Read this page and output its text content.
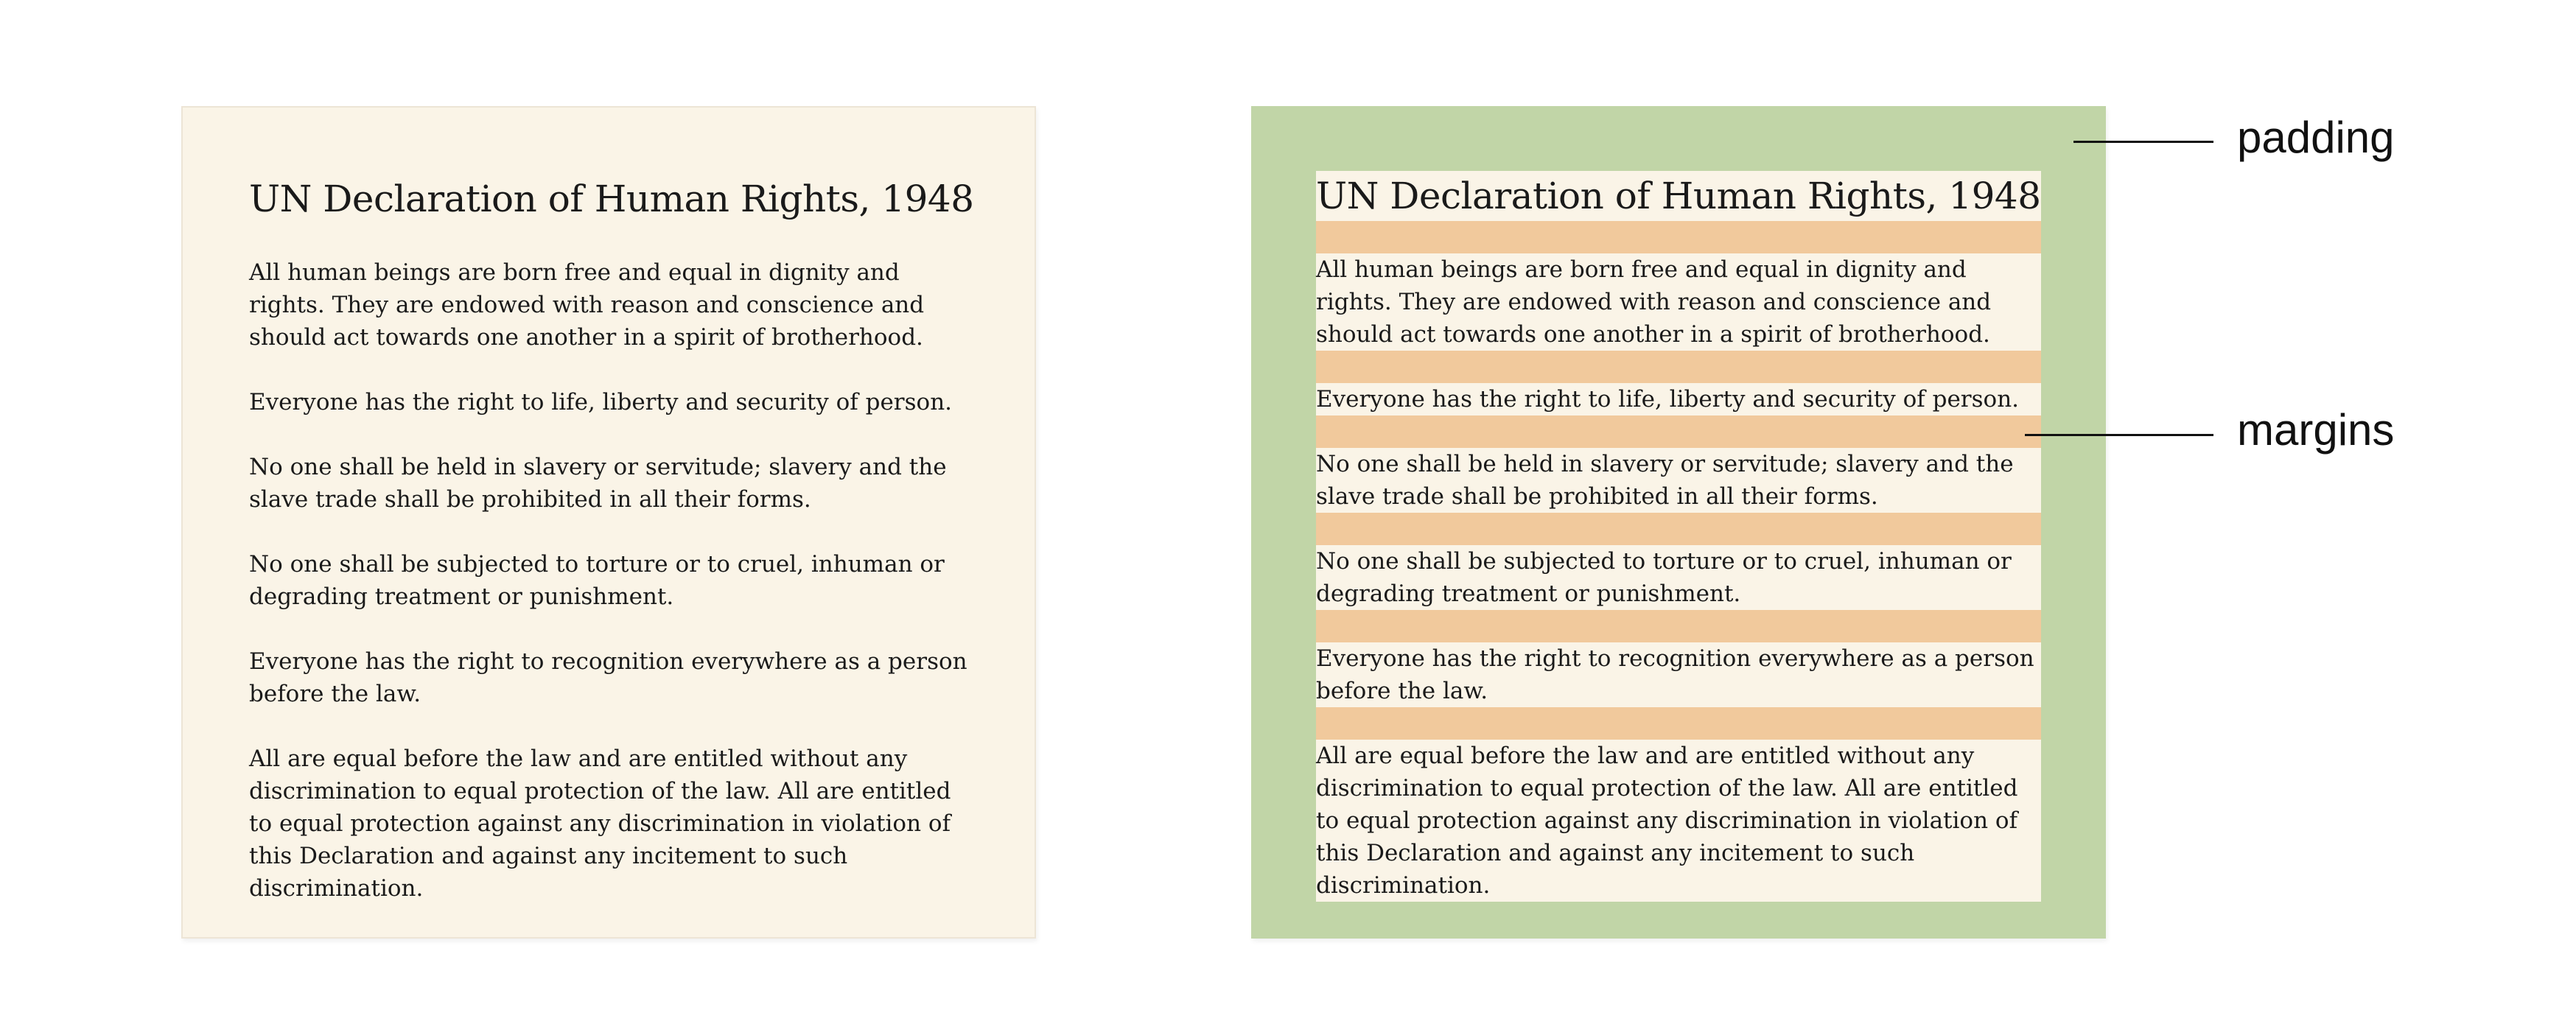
UN Declaration of Human Rights, 1948

All human beings are born free and equal in dignity and rights. They are endowed with reason and conscience and should act towards one another in a spirit of brotherhood.

Everyone has the right to life, liberty and security of person.

No one shall be held in slavery or servitude; slavery and the slave trade shall be prohibited in all their forms.

No one shall be subjected to torture or to cruel, inhuman or degrading treatment or punishment.

Everyone has the right to recognition everywhere as a person before the law.

All are equal before the law and are entitled without any discrimination to equal protection of the law. All are entitled to equal protection against any discrimination in violation of this Declaration and against any incitement to such discrimination.

UN Declaration of Human Rights, 1948

All human beings are born free and equal in dignity and rights. They are endowed with reason and conscience and should act towards one another in a spirit of brotherhood.

Everyone has the right to life, liberty and security of person.

No one shall be held in slavery or servitude; slavery and the slave trade shall be prohibited in all their forms.

No one shall be subjected to torture or to cruel, inhuman or degrading treatment or punishment.

Everyone has the right to recognition everywhere as a person before the law.

All are equal before the law and are entitled without any discrimination to equal protection of the law. All are entitled to equal protection against any discrimination in violation of this Declaration and against any incitement to such discrimination.

padding
margins
